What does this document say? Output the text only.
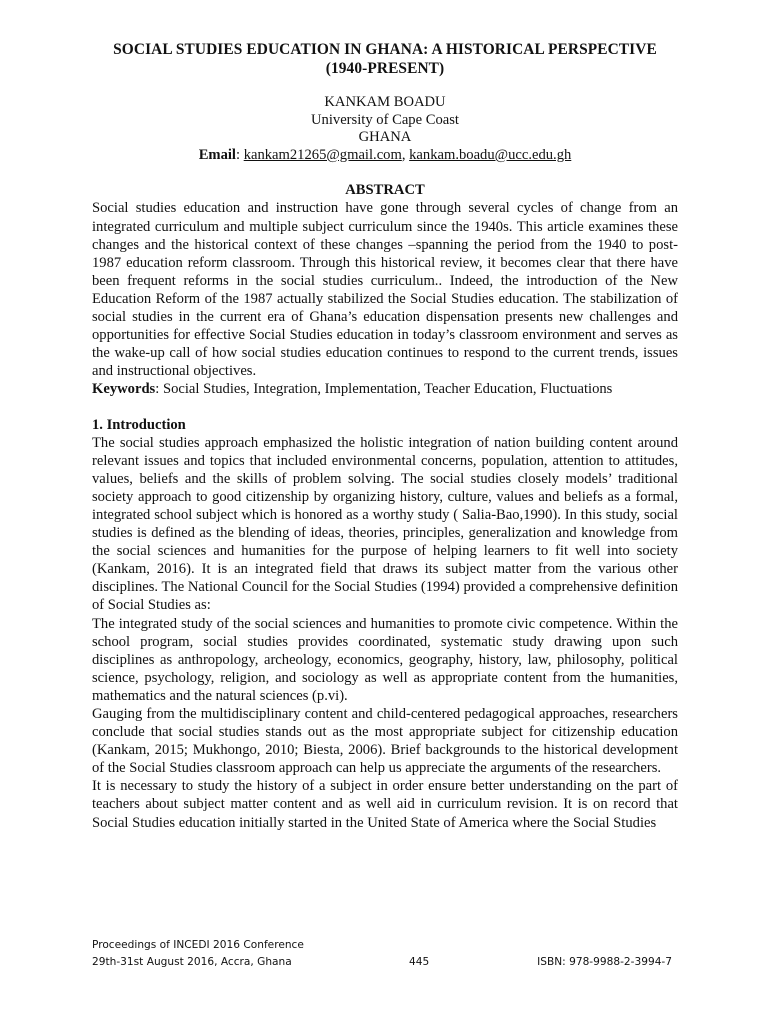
SOCIAL STUDIES EDUCATION IN GHANA: A HISTORICAL PERSPECTIVE
(1940-PRESENT)
KANKAM BOADU
University of Cape Coast
GHANA
Email: kankam21265@gmail.com, kankam.boadu@ucc.edu.gh
ABSTRACT

Social studies education and instruction have gone through several cycles of change from an integrated curriculum and multiple subject curriculum since the 1940s. This article examines these changes and the historical context of these changes –spanning the period from the 1940 to post-1987 education reform classroom. Through this historical review, it becomes clear that there have been frequent reforms in the social studies curriculum.. Indeed, the introduction of the New Education Reform of the 1987 actually stabilized the Social Studies education. The stabilization of social studies in the current era of Ghana’s education dispensation presents new challenges and opportunities for effective Social Studies education in today’s classroom environment and serves as the wake-up call of how social studies education continues to respond to the current trends, issues and instructional objectives.

Keywords: Social Studies, Integration, Implementation, Teacher Education, Fluctuations

1. Introduction

The social studies approach emphasized the holistic integration of nation building content around relevant issues and topics that included environmental concerns, population, attention to attitudes, values, beliefs and the skills of problem solving. The social studies closely models’ traditional society approach to good citizenship by organizing history, culture, values and beliefs as a formal, integrated school subject which is honored as a worthy study ( Salia-Bao,1990). In this study, social studies is defined as the blending of ideas, theories, principles, generalization and knowledge from the social sciences and humanities for the purpose of helping learners to fit well into society (Kankam, 2016). It is an integrated field that draws its subject matter from the various other disciplines. The National Council for the Social Studies (1994) provided a comprehensive definition of Social Studies as:

The integrated study of the social sciences and humanities to promote civic competence. Within the school program, social studies provides coordinated, systematic study drawing upon such disciplines as anthropology, archeology, economics, geography, history, law, philosophy, political science, psychology, religion, and sociology as well as appropriate content from the humanities, mathematics and the natural sciences (p.vi).

Gauging from the multidisciplinary content and child-centered pedagogical approaches, researchers conclude that social studies stands out as the most appropriate subject for citizenship education (Kankam, 2015; Mukhongo, 2010; Biesta, 2006). Brief backgrounds to the historical development of the Social Studies classroom approach can help us appreciate the arguments of the researchers.

It is necessary to study the history of a subject in order ensure better understanding on the part of teachers about subject matter content and as well aid in curriculum revision. It is on record that Social Studies education initially started in the United State of America where the Social Studies

Proceedings of INCEDI 2016 Conference
29th-31st August 2016, Accra, Ghana	445	ISBN: 978-9988-2-3994-7
